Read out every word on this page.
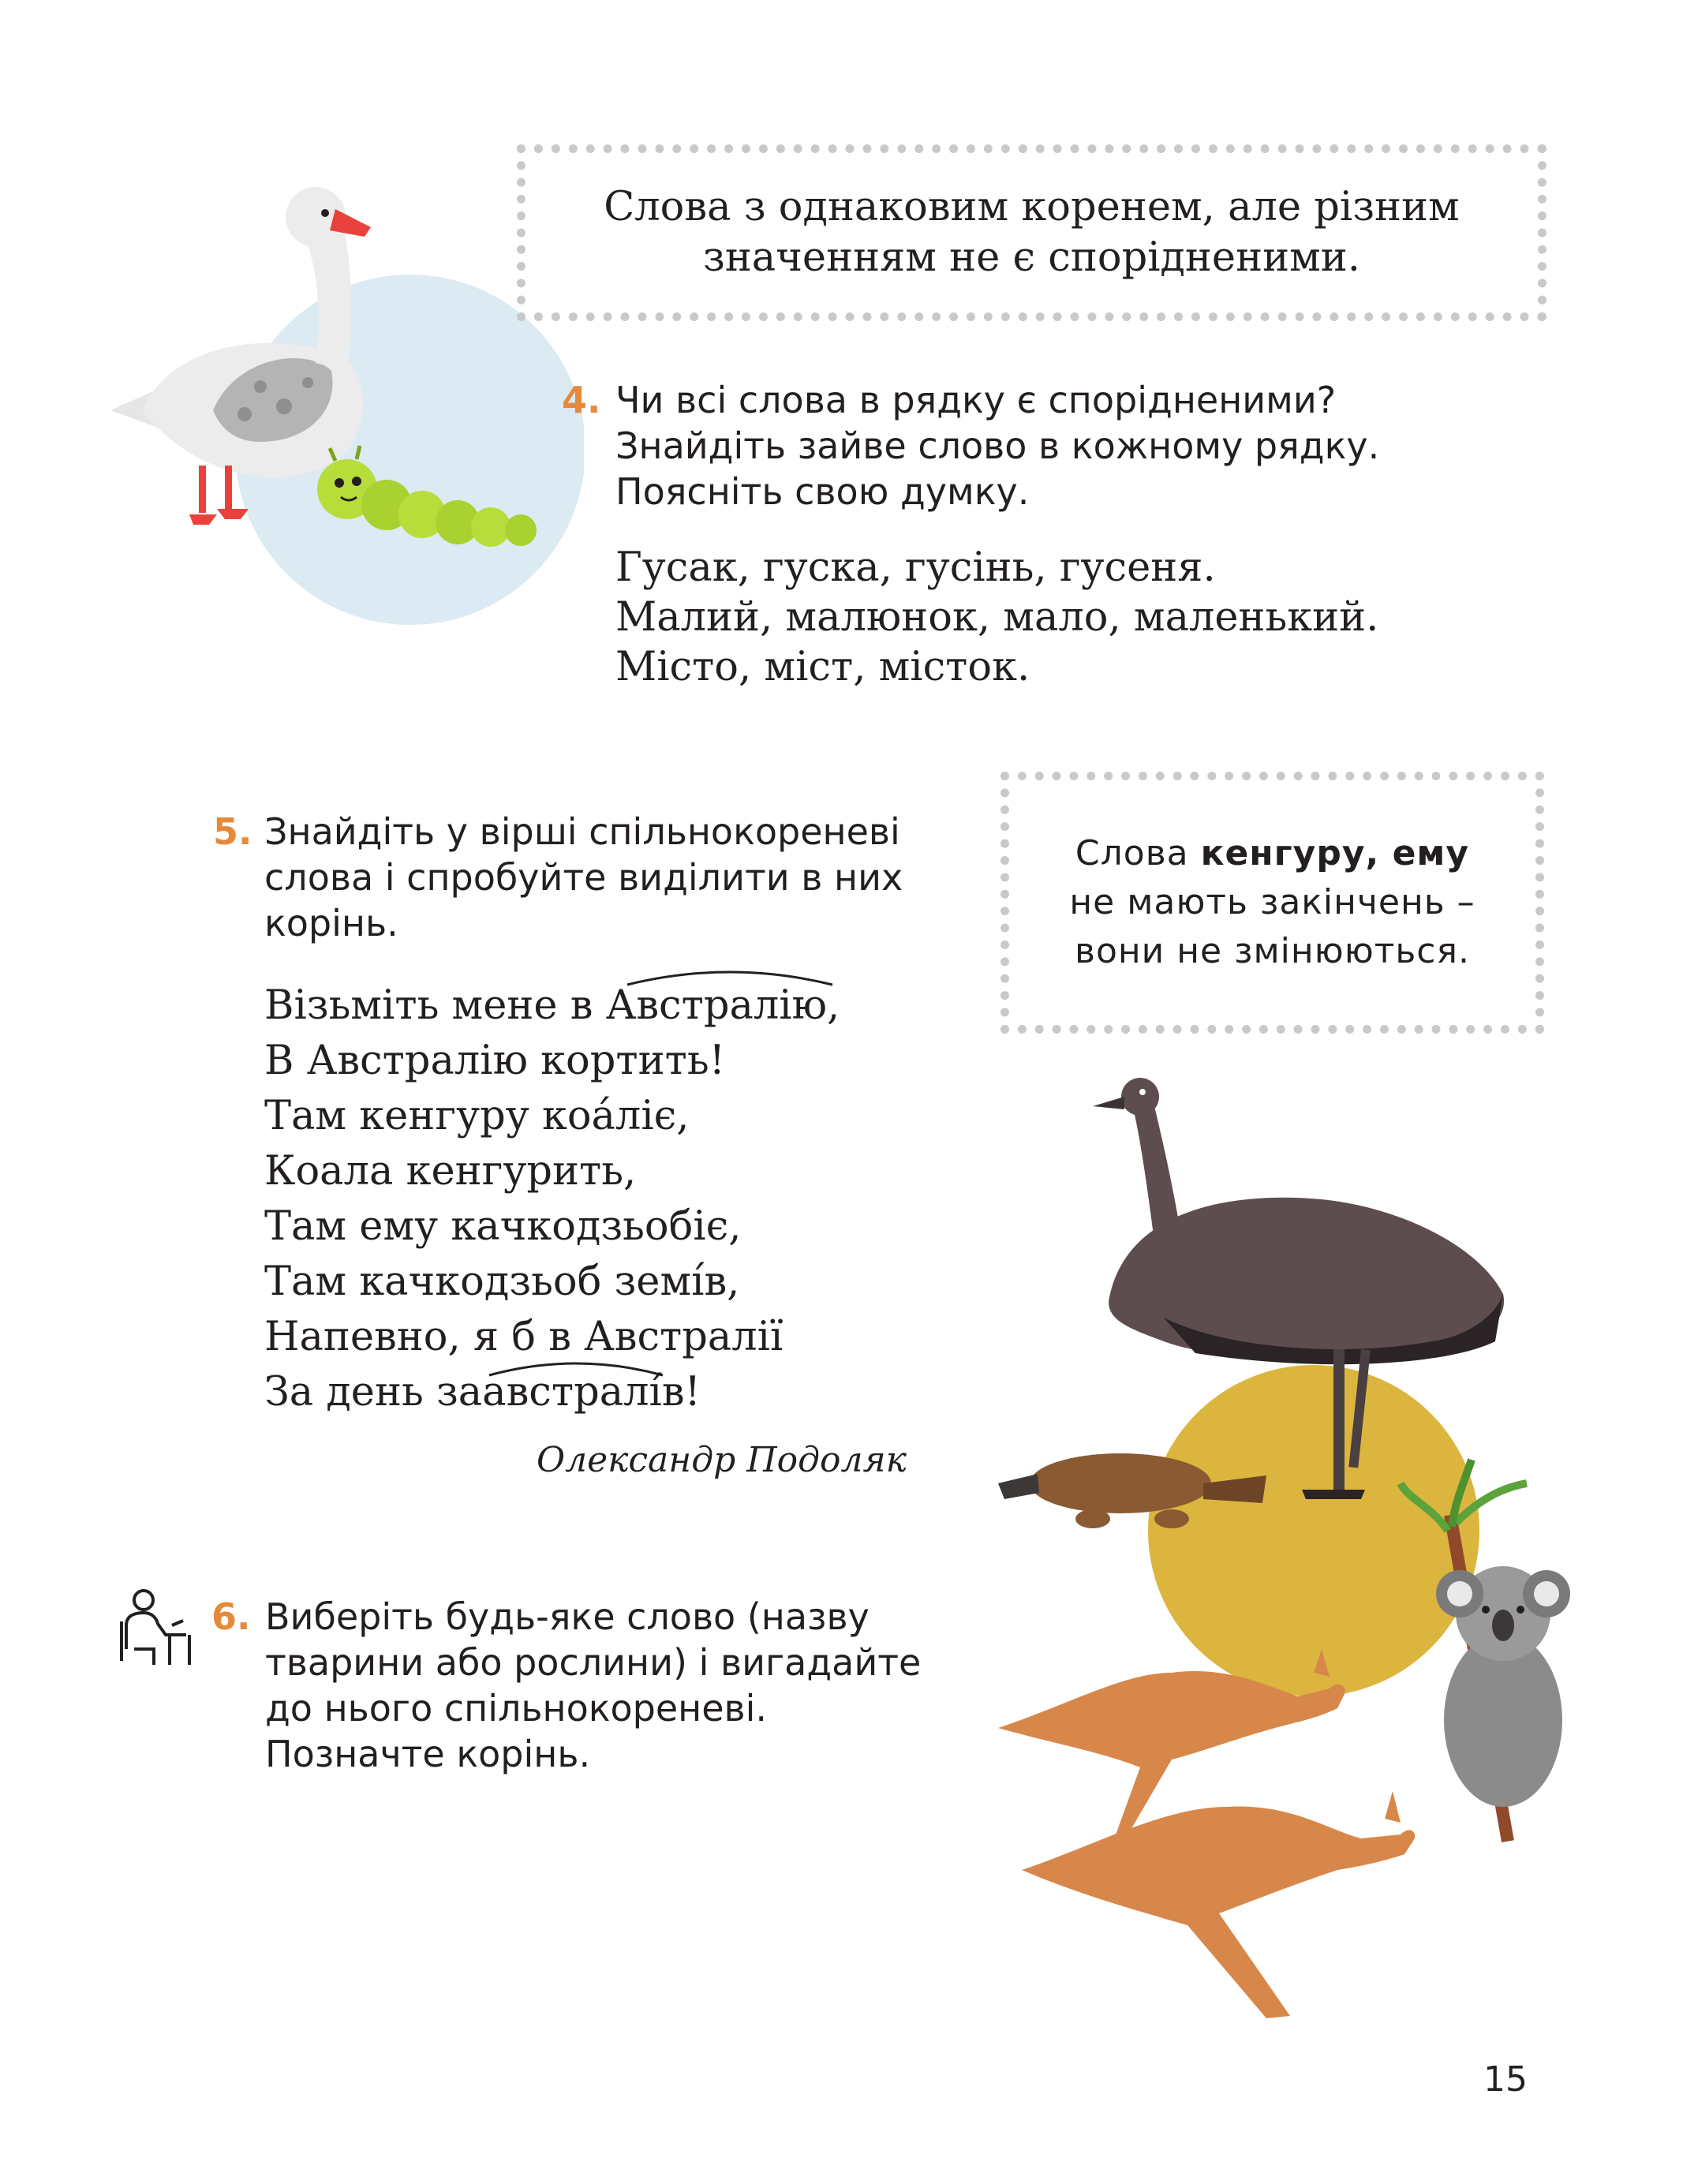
Слова з однаковим коренем, але різним
значенням не є спорідненими.

4. Чи всі слова в рядку є спорідненими?
Знайдіть зайве слово в кожному рядку.
Поясніть свою думку.
Гусак, гуска, гусінь, гусеня.
Малий, малюнок, мало, маленький.
Місто, міст, місток.
5. Знайдіть у вірші спільнокореневі
слова і спробуйте виділити в них
корінь.
Візьміть мене в Австралію,
В Австралію кортить!
Там кенгуру коáліє,
Коала кенгурить,
Там ему качкодзьобіє,
Там качкодзьоб земі́в,
Напевно, я б в Австралії
За день заавстралі́в!
Олександр Подоляк

Слова кенгуру, ему
не мають закінчень –
вони не змінюються.

6. Виберіть будь-яке слово (назву
тварини або рослини) і вигадайте
до нього спільнокореневі.
Позначте корінь.
15
